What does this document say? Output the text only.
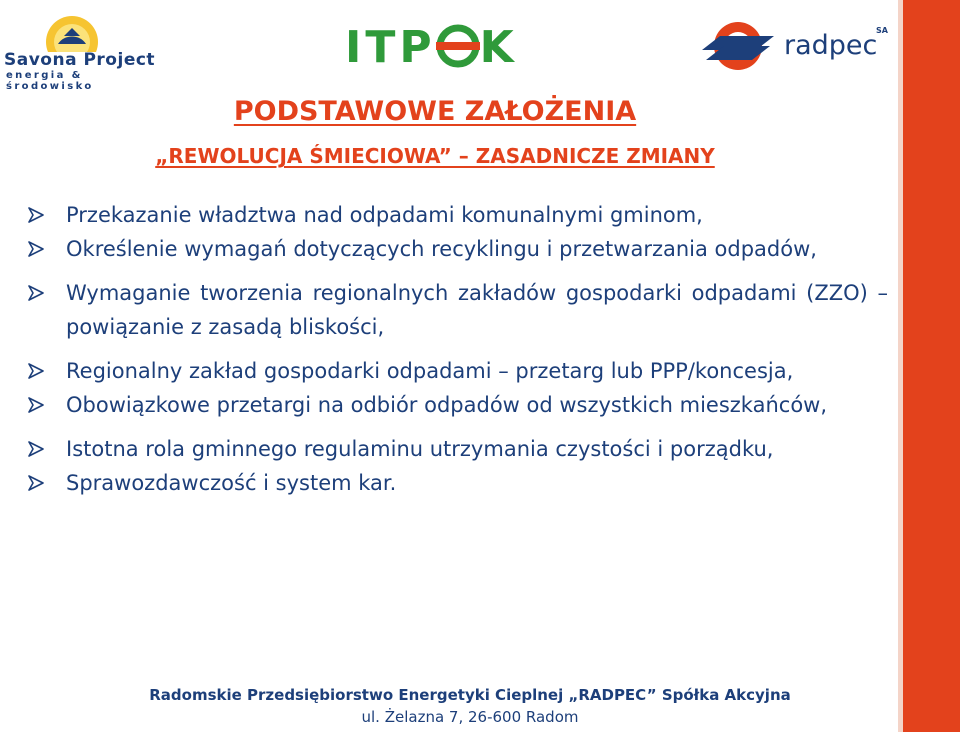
Savona Project
energia & środowisko
ITP K	radpec
SA
PODSTAWOWE ZAŁOŻENIA
„REWOLUCJA ŚMIECIOWA” – ZASADNICZE ZMIANY
Przekazanie władztwa nad odpadami komunalnymi gminom,
Określenie wymagań dotyczących recyklingu i przetwarzania odpadów,
Wymaganie tworzenia regionalnych zakładów gospodarki odpadami (ZZO) – powiązanie z zasadą bliskości,
Regionalny zakład gospodarki odpadami – przetarg lub PPP/koncesja,
Obowiązkowe przetargi na odbiór odpadów od wszystkich mieszkańców,
Istotna rola gminnego regulaminu utrzymania czystości i porządku,
Sprawozdawczość i system kar.
Radomskie Przedsiębiorstwo Energetyki Cieplnej „RADPEC” Spółka Akcyjna
ul. Żelazna 7, 26-600 Radom
